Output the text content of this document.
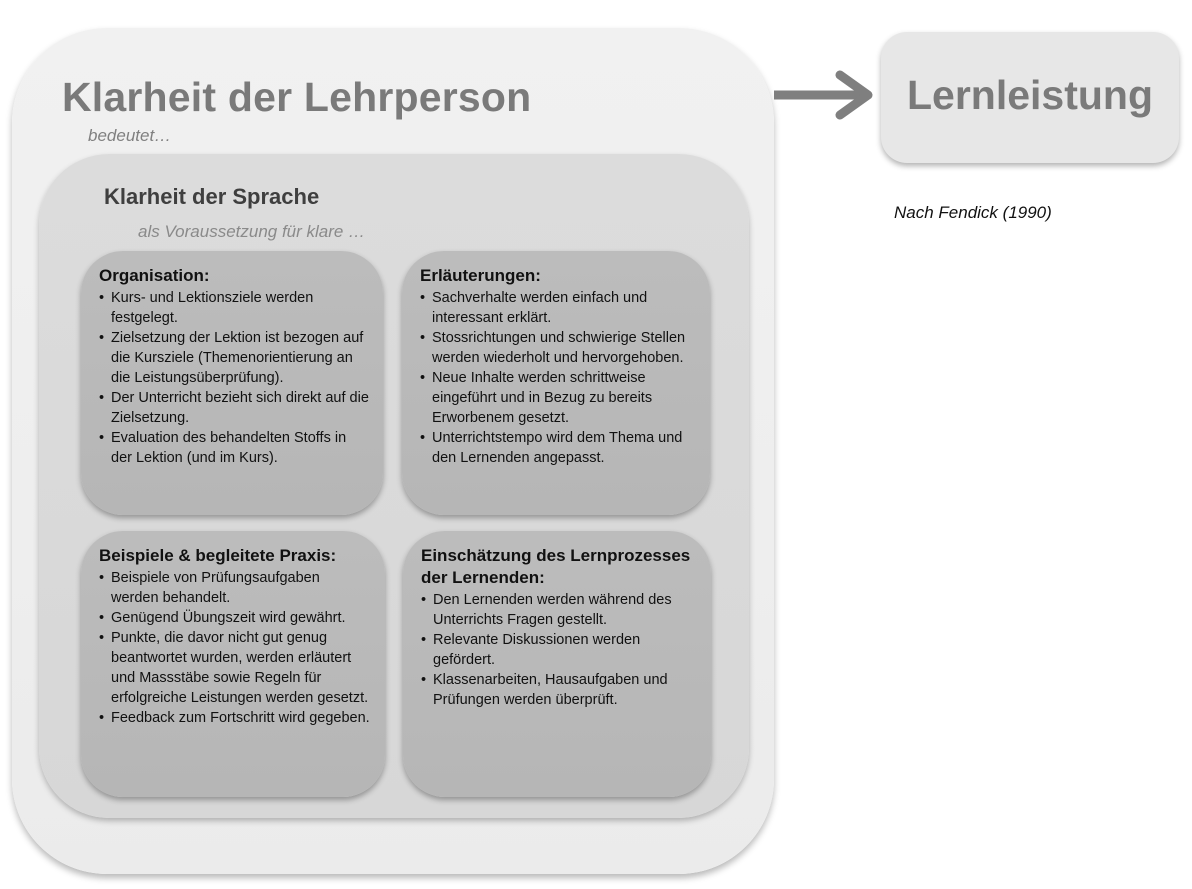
Klarheit der Lehrperson
bedeutet…
Klarheit der Sprache
als Voraussetzung für klare …
Organisation:
• Kurs- und Lektionsziele werden festgelegt.
• Zielsetzung der Lektion ist bezogen auf die Kursziele (Themenorientierung an die Leistungsüberprüfung).
• Der Unterricht bezieht sich direkt auf die Zielsetzung.
• Evaluation des behandelten Stoffs in der Lektion (und im Kurs).
Erläuterungen:
• Sachverhalte werden einfach und interessant erklärt.
• Stossrichtungen und schwierige Stellen werden wiederholt und hervorgehoben.
• Neue Inhalte werden schrittweise eingeführt und in Bezug zu bereits Erworbenem gesetzt.
• Unterrichtstempo wird dem Thema und den Lernenden angepasst.
Beispiele & begleitete Praxis:
• Beispiele von Prüfungsaufgaben werden behandelt.
• Genügend Übungszeit wird gewährt.
• Punkte, die davor nicht gut genug beantwortet wurden, werden erläutert und Massstäbe sowie Regeln für erfolgreiche Leistungen werden gesetzt.
• Feedback zum Fortschritt wird gegeben.
Einschätzung des Lernprozesses der Lernenden:
• Den Lernenden werden während des Unterrichts Fragen gestellt.
• Relevante Diskussionen werden gefördert.
• Klassenarbeiten, Hausaufgaben und Prüfungen werden überprüft.
Lernleistung
Nach Fendick (1990)
